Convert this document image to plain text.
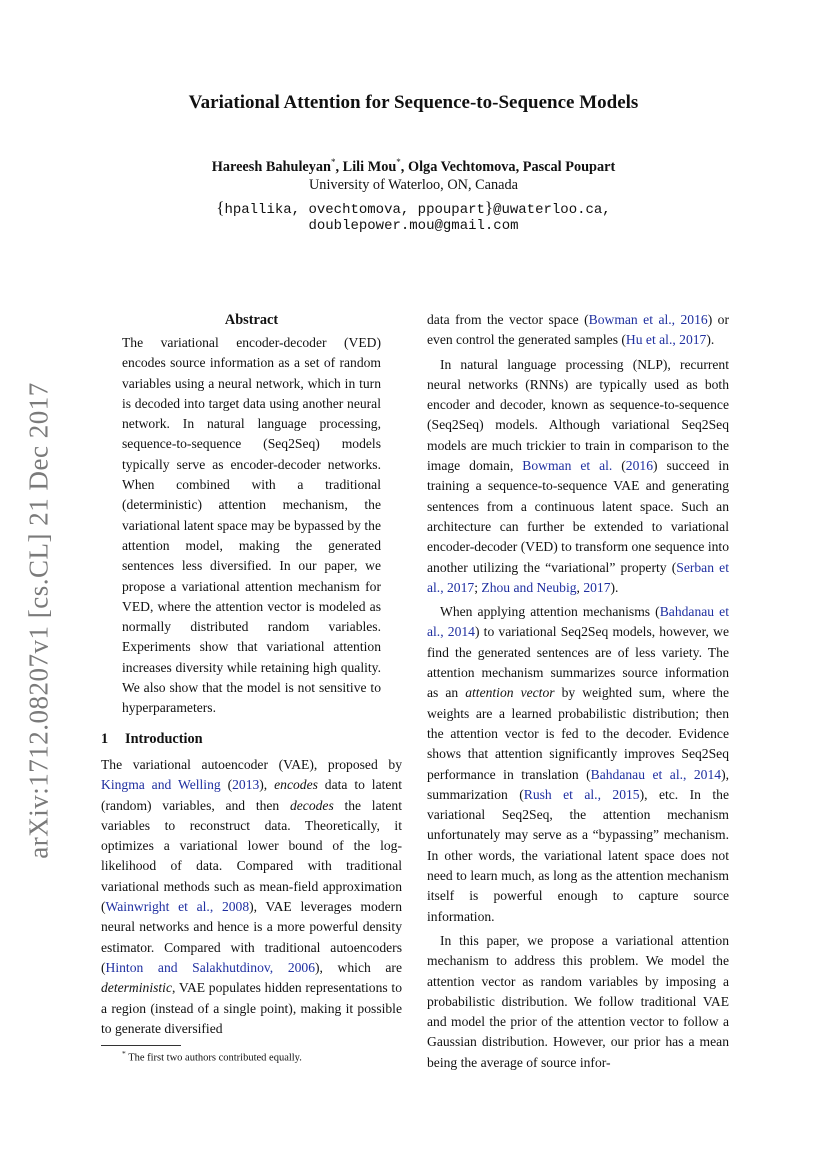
arXiv:1712.08207v1 [cs.CL] 21 Dec 2017
Variational Attention for Sequence-to-Sequence Models
Hareesh Bahuleyan*, Lili Mou*, Olga Vechtomova, Pascal Poupart
University of Waterloo, ON, Canada
{hpallika, ovechtomova, ppoupart}@uwaterloo.ca,
doublepower.mou@gmail.com

Abstract

The variational encoder-decoder (VED) encodes source information as a set of random variables using a neural network, which in turn is decoded into target data using another neural network. In natural language processing, sequence-to-sequence (Seq2Seq) models typically serve as encoder-decoder networks. When combined with a traditional (deterministic) attention mechanism, the variational latent space may be bypassed by the attention model, making the generated sentences less diversified. In our paper, we propose a variational attention mechanism for VED, where the attention vector is modeled as normally distributed random variables. Experiments show that variational attention increases diversity while retaining high quality. We also show that the model is not sensitive to hyperparameters.

1 Introduction

The variational autoencoder (VAE), proposed by Kingma and Welling (2013), encodes data to latent (random) variables, and then decodes the latent variables to reconstruct data. Theoretically, it optimizes a variational lower bound of the log-likelihood of data. Compared with traditional variational methods such as mean-field approximation (Wainwright et al., 2008), VAE leverages modern neural networks and hence is a more powerful density estimator. Compared with traditional autoencoders (Hinton and Salakhutdinov, 2006), which are deterministic, VAE populates hidden representations to a region (instead of a single point), making it possible to generate diversified

data from the vector space (Bowman et al., 2016) or even control the generated samples (Hu et al., 2017).

In natural language processing (NLP), recurrent neural networks (RNNs) are typically used as both encoder and decoder, known as sequence-to-sequence (Seq2Seq) models. Although variational Seq2Seq models are much trickier to train in comparison to the image domain, Bowman et al. (2016) succeed in training a sequence-to-sequence VAE and generating sentences from a continuous latent space. Such an architecture can further be extended to variational encoder-decoder (VED) to transform one sequence into another utilizing the “variational” property (Serban et al., 2017; Zhou and Neubig, 2017).

When applying attention mechanisms (Bahdanau et al., 2014) to variational Seq2Seq models, however, we find the generated sentences are of less variety. The attention mechanism summarizes source information as an attention vector by weighted sum, where the weights are a learned probabilistic distribution; then the attention vector is fed to the decoder. Evidence shows that attention significantly improves Seq2Seq performance in translation (Bahdanau et al., 2014), summarization (Rush et al., 2015), etc. In the variational Seq2Seq, the attention mechanism unfortunately may serve as a “bypassing” mechanism. In other words, the variational latent space does not need to learn much, as long as the attention mechanism itself is powerful enough to capture source information.

In this paper, we propose a variational attention mechanism to address this problem. We model the attention vector as random variables by imposing a probabilistic distribution. We follow traditional VAE and model the prior of the attention vector to follow a Gaussian distribution. However, our prior has a mean being the average of source infor-

* The first two authors contributed equally.
